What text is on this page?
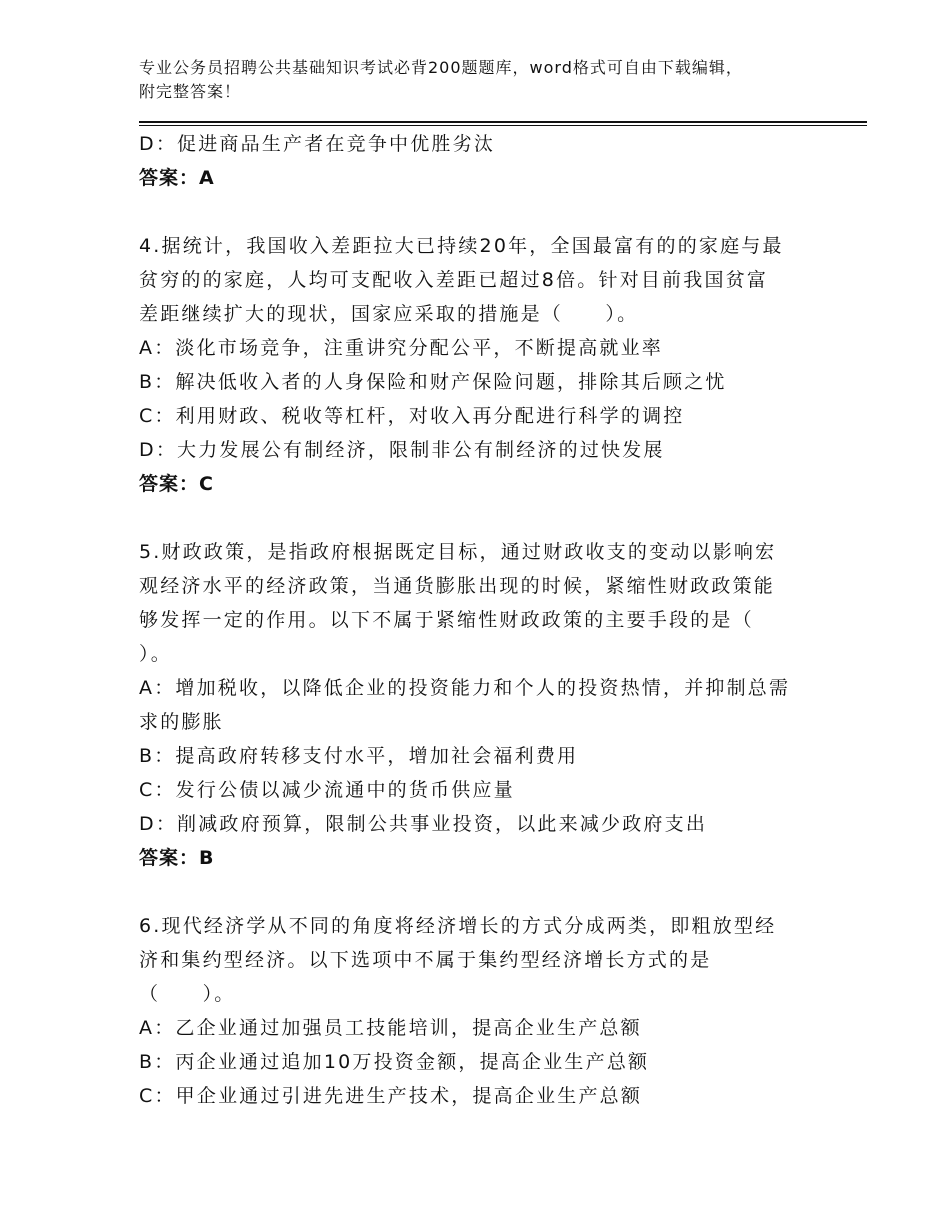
专业公务员招聘公共基础知识考试必背200题题库，word格式可自由下载编辑，
附完整答案！
D：促进商品生产者在竞争中优胜劣汰
答案：A
4.据统计，我国收入差距拉大已持续20年，全国最富有的的家庭与最
贫穷的的家庭，人均可支配收入差距已超过8倍。针对目前我国贫富
差距继续扩大的现状，国家应采取的措施是（　　）。
A：淡化市场竞争，注重讲究分配公平，不断提高就业率
B：解决低收入者的人身保险和财产保险问题，排除其后顾之忧
C：利用财政、税收等杠杆，对收入再分配进行科学的调控
D：大力发展公有制经济，限制非公有制经济的过快发展
答案：C
5.财政政策，是指政府根据既定目标，通过财政收支的变动以影响宏
观经济水平的经济政策，当通货膨胀出现的时候，紧缩性财政政策能
够发挥一定的作用。以下不属于紧缩性财政政策的主要手段的是（
）。
A：增加税收，以降低企业的投资能力和个人的投资热情，并抑制总需
求的膨胀
B：提高政府转移支付水平，增加社会福利费用
C：发行公债以减少流通中的货币供应量
D：削减政府预算，限制公共事业投资，以此来减少政府支出
答案：B
6.现代经济学从不同的角度将经济增长的方式分成两类，即粗放型经
济和集约型经济。以下选项中不属于集约型经济增长方式的是
（　　）。
A：乙企业通过加强员工技能培训，提高企业生产总额
B：丙企业通过追加10万投资金额，提高企业生产总额
C：甲企业通过引进先进生产技术，提高企业生产总额
